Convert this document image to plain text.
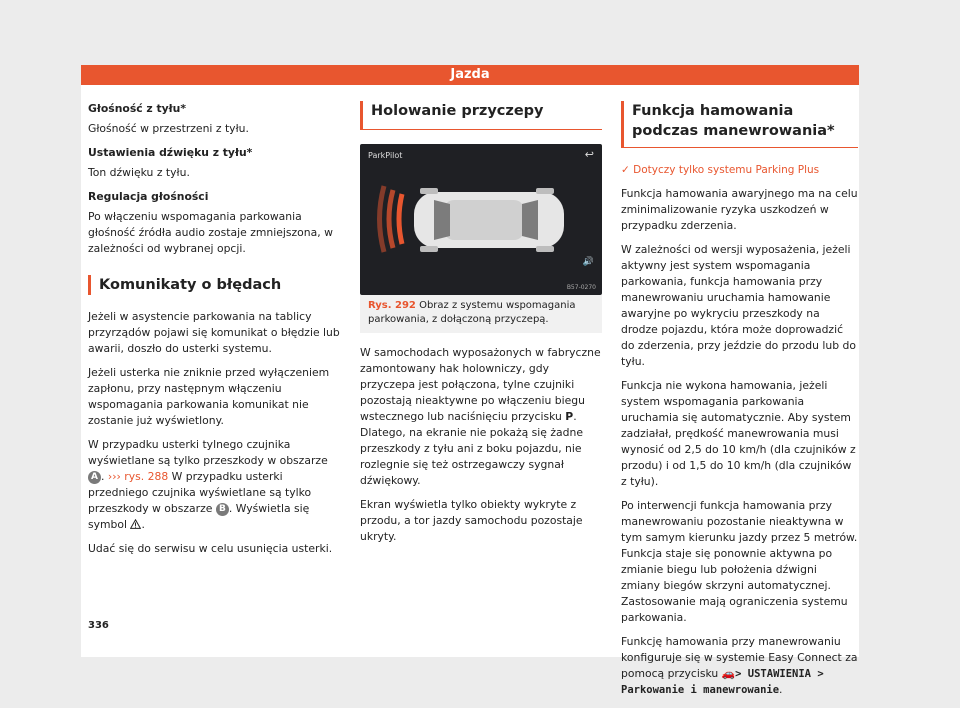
Jazda

Głośność z tyłu*

Głośność w przestrzeni z tyłu.

Ustawienia dźwięku z tyłu*

Ton dźwięku z tyłu.

Regulacja głośności

Po włączeniu wspomagania parkowania głośność źródła audio zostaje zmniejszona, w zależności od wybranej opcji.

Komunikaty o błędach

Jeżeli w asystencie parkowania na tablicy przyrządów pojawi się komunikat o błędzie lub awarii, doszło do usterki systemu.

Jeżeli usterka nie zniknie przed wyłączeniem zapłonu, przy następnym włączeniu wspomagania parkowania komunikat nie zostanie już wyświetlony.

W przypadku usterki tylnego czujnika wyświetlane są tylko przeszkody w obszarze A . ››› rys. 288 W przypadku usterki przedniego czujnika wyświetlane są tylko przeszkody w obszarze B . Wyświetla się symbol .

Udać się do serwisu w celu usunięcia usterki.

Holowanie przyczepy
ParkPilot	↩
🔊
B57-0270
Rys. 292 Obraz z systemu wspomagania parkowania, z dołączoną przyczepą.

W samochodach wyposażonych w fabryczne zamontowany hak holowniczy, gdy przyczepa jest połączona, tylne czujniki pozostają nieaktywne po włączeniu biegu wstecznego lub naciśnięciu przycisku P. Dlatego, na ekranie nie pokażą się żadne przeszkody z tyłu ani z boku pojazdu, nie rozlegnie się też ostrzegawczy sygnał dźwiękowy.

Ekran wyświetla tylko obiekty wykryte z przodu, a tor jazdy samochodu pozostaje ukryty.

Funkcja hamowania podczas manewrowania*

✓ Dotyczy tylko systemu Parking Plus

Funkcja hamowania awaryjnego ma na celu zminimalizowanie ryzyka uszkodzeń w przypadku zderzenia.

W zależności od wersji wyposażenia, jeżeli aktywny jest system wspomagania parkowania, funkcja hamowania przy manewrowaniu uruchamia hamowanie awaryjne po wykryciu przeszkody na drodze pojazdu, która może doprowadzić do zderzenia, przy jeździe do przodu lub do tyłu.

Funkcja nie wykona hamowania, jeżeli system wspomagania parkowania uruchamia się automatycznie. Aby system zadziałał, prędkość manewrowania musi wynosić od 2,5 do 10 km/h (dla czujników z przodu) i od 1,5 do 10 km/h (dla czujników z tyłu).

Po interwencji funkcja hamowania przy manewrowaniu pozostanie nieaktywna w tym samym kierunku jazdy przez 5 metrów. Funkcja staje się ponownie aktywna po zmianie biegu lub położenia dźwigni zmiany biegów skrzyni automatycznej. Zastosowanie mają ograniczenia systemu parkowania.

Funkcję hamowania przy manewrowaniu konfiguruje się w systemie Easy Connect za pomocą przycisku 🚗> USTAWIENIA > Parkowanie i manewrowanie.

336
